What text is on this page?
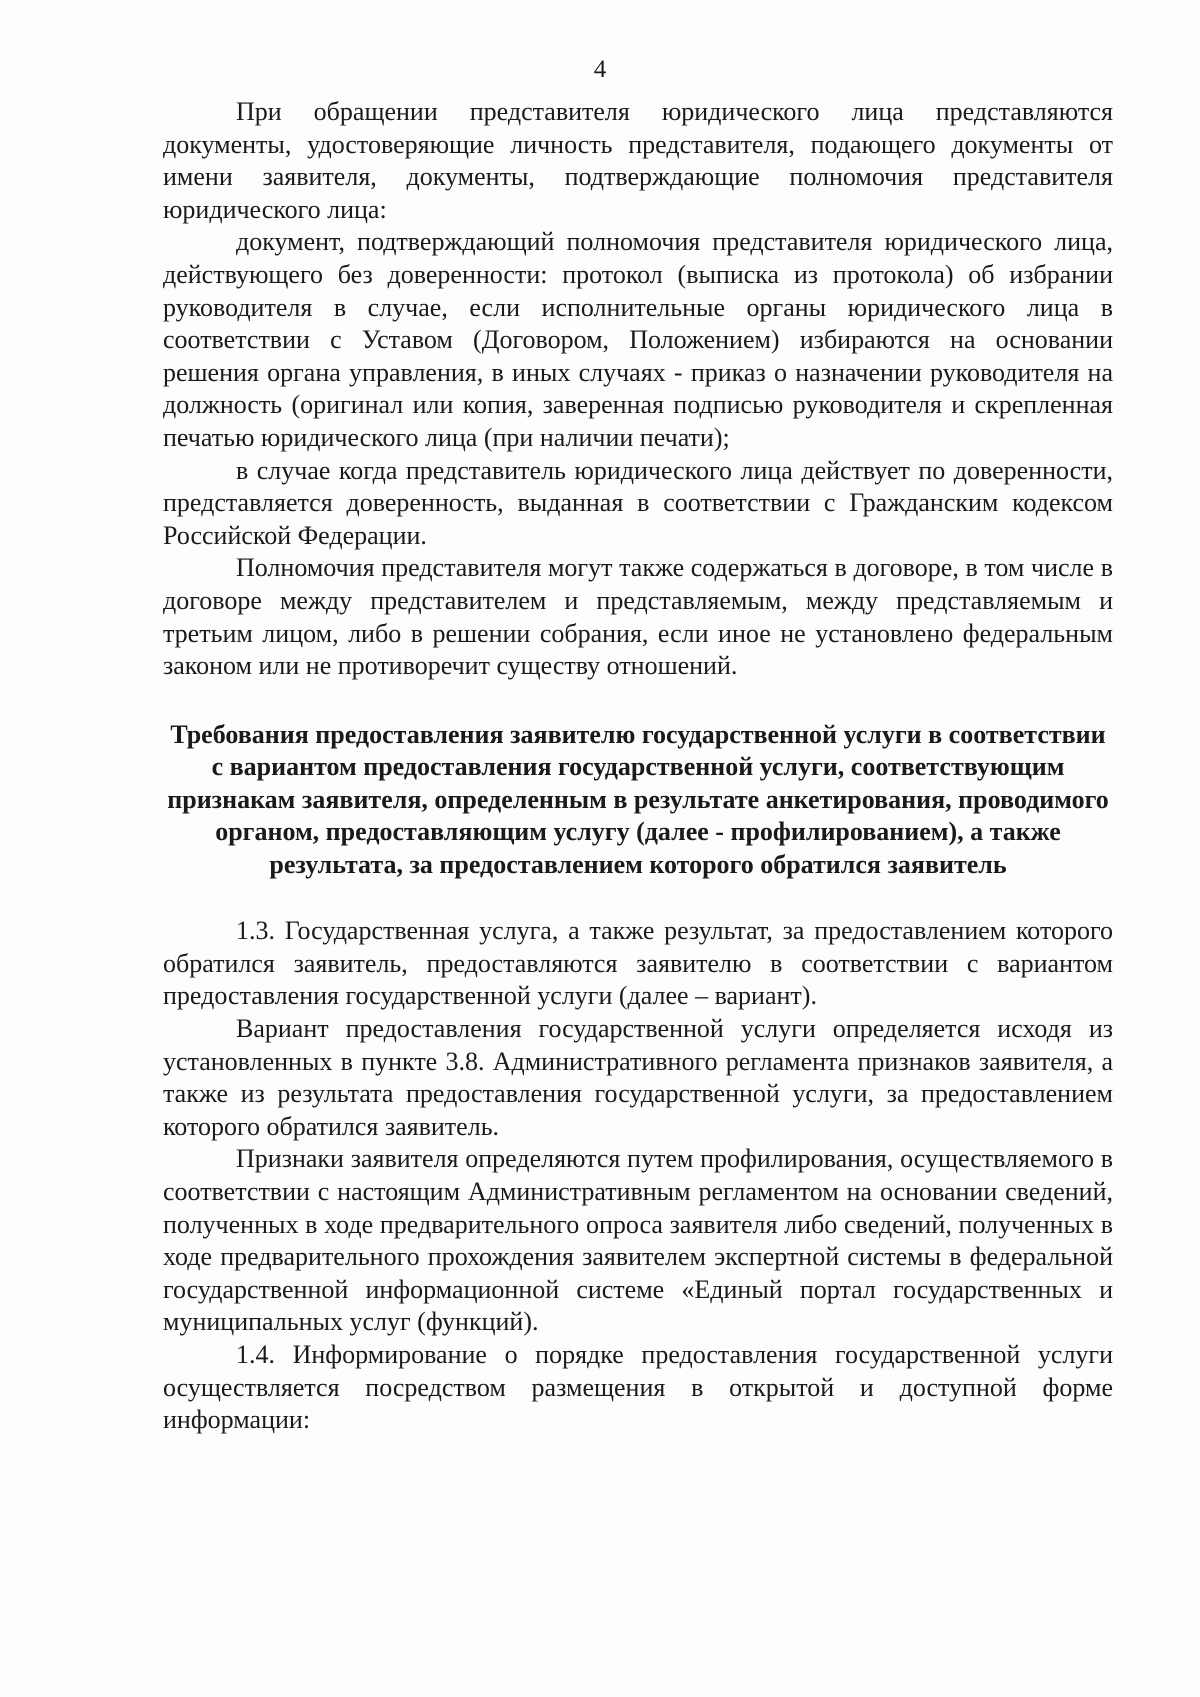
4

При обращении представителя юридического лица представляются документы, удостоверяющие личность представителя, подающего документы от имени заявителя, документы, подтверждающие полномочия представителя юридического лица:

документ, подтверждающий полномочия представителя юридического лица, действующего без доверенности: протокол (выписка из протокола) об избрании руководителя в случае, если исполнительные органы юридического лица в соответствии с Уставом (Договором, Положением) избираются на основании решения органа управления, в иных случаях - приказ о назначении руководителя на должность (оригинал или копия, заверенная подписью руководителя и скрепленная печатью юридического лица (при наличии печати);

в случае когда представитель юридического лица действует по доверенности, представляется доверенность, выданная в соответствии с Гражданским кодексом Российской Федерации.

Полномочия представителя могут также содержаться в договоре, в том числе в договоре между представителем и представляемым, между представляемым и третьим лицом, либо в решении собрания, если иное не установлено федеральным законом или не противоречит существу отношений.

Требования предоставления заявителю государственной услуги в соответствии с вариантом предоставления государственной услуги, соответствующим признакам заявителя, определенным в результате анкетирования, проводимого органом, предоставляющим услугу (далее - профилированием), а также результата, за предоставлением которого обратился заявитель

1.3. Государственная услуга, а также результат, за предоставлением которого обратился заявитель, предоставляются заявителю в соответствии с вариантом предоставления государственной услуги (далее – вариант).

Вариант предоставления государственной услуги определяется исходя из установленных в пункте 3.8. Административного регламента признаков заявителя, а также из результата предоставления государственной услуги, за предоставлением которого обратился заявитель.

Признаки заявителя определяются путем профилирования, осуществляемого в соответствии с настоящим Административным регламентом на основании сведений, полученных в ходе предварительного опроса заявителя либо сведений, полученных в ходе предварительного прохождения заявителем экспертной системы в федеральной государственной информационной системе «Единый портал государственных и муниципальных услуг (функций).

1.4. Информирование о порядке предоставления государственной услуги осуществляется посредством размещения в открытой и доступной форме информации:
